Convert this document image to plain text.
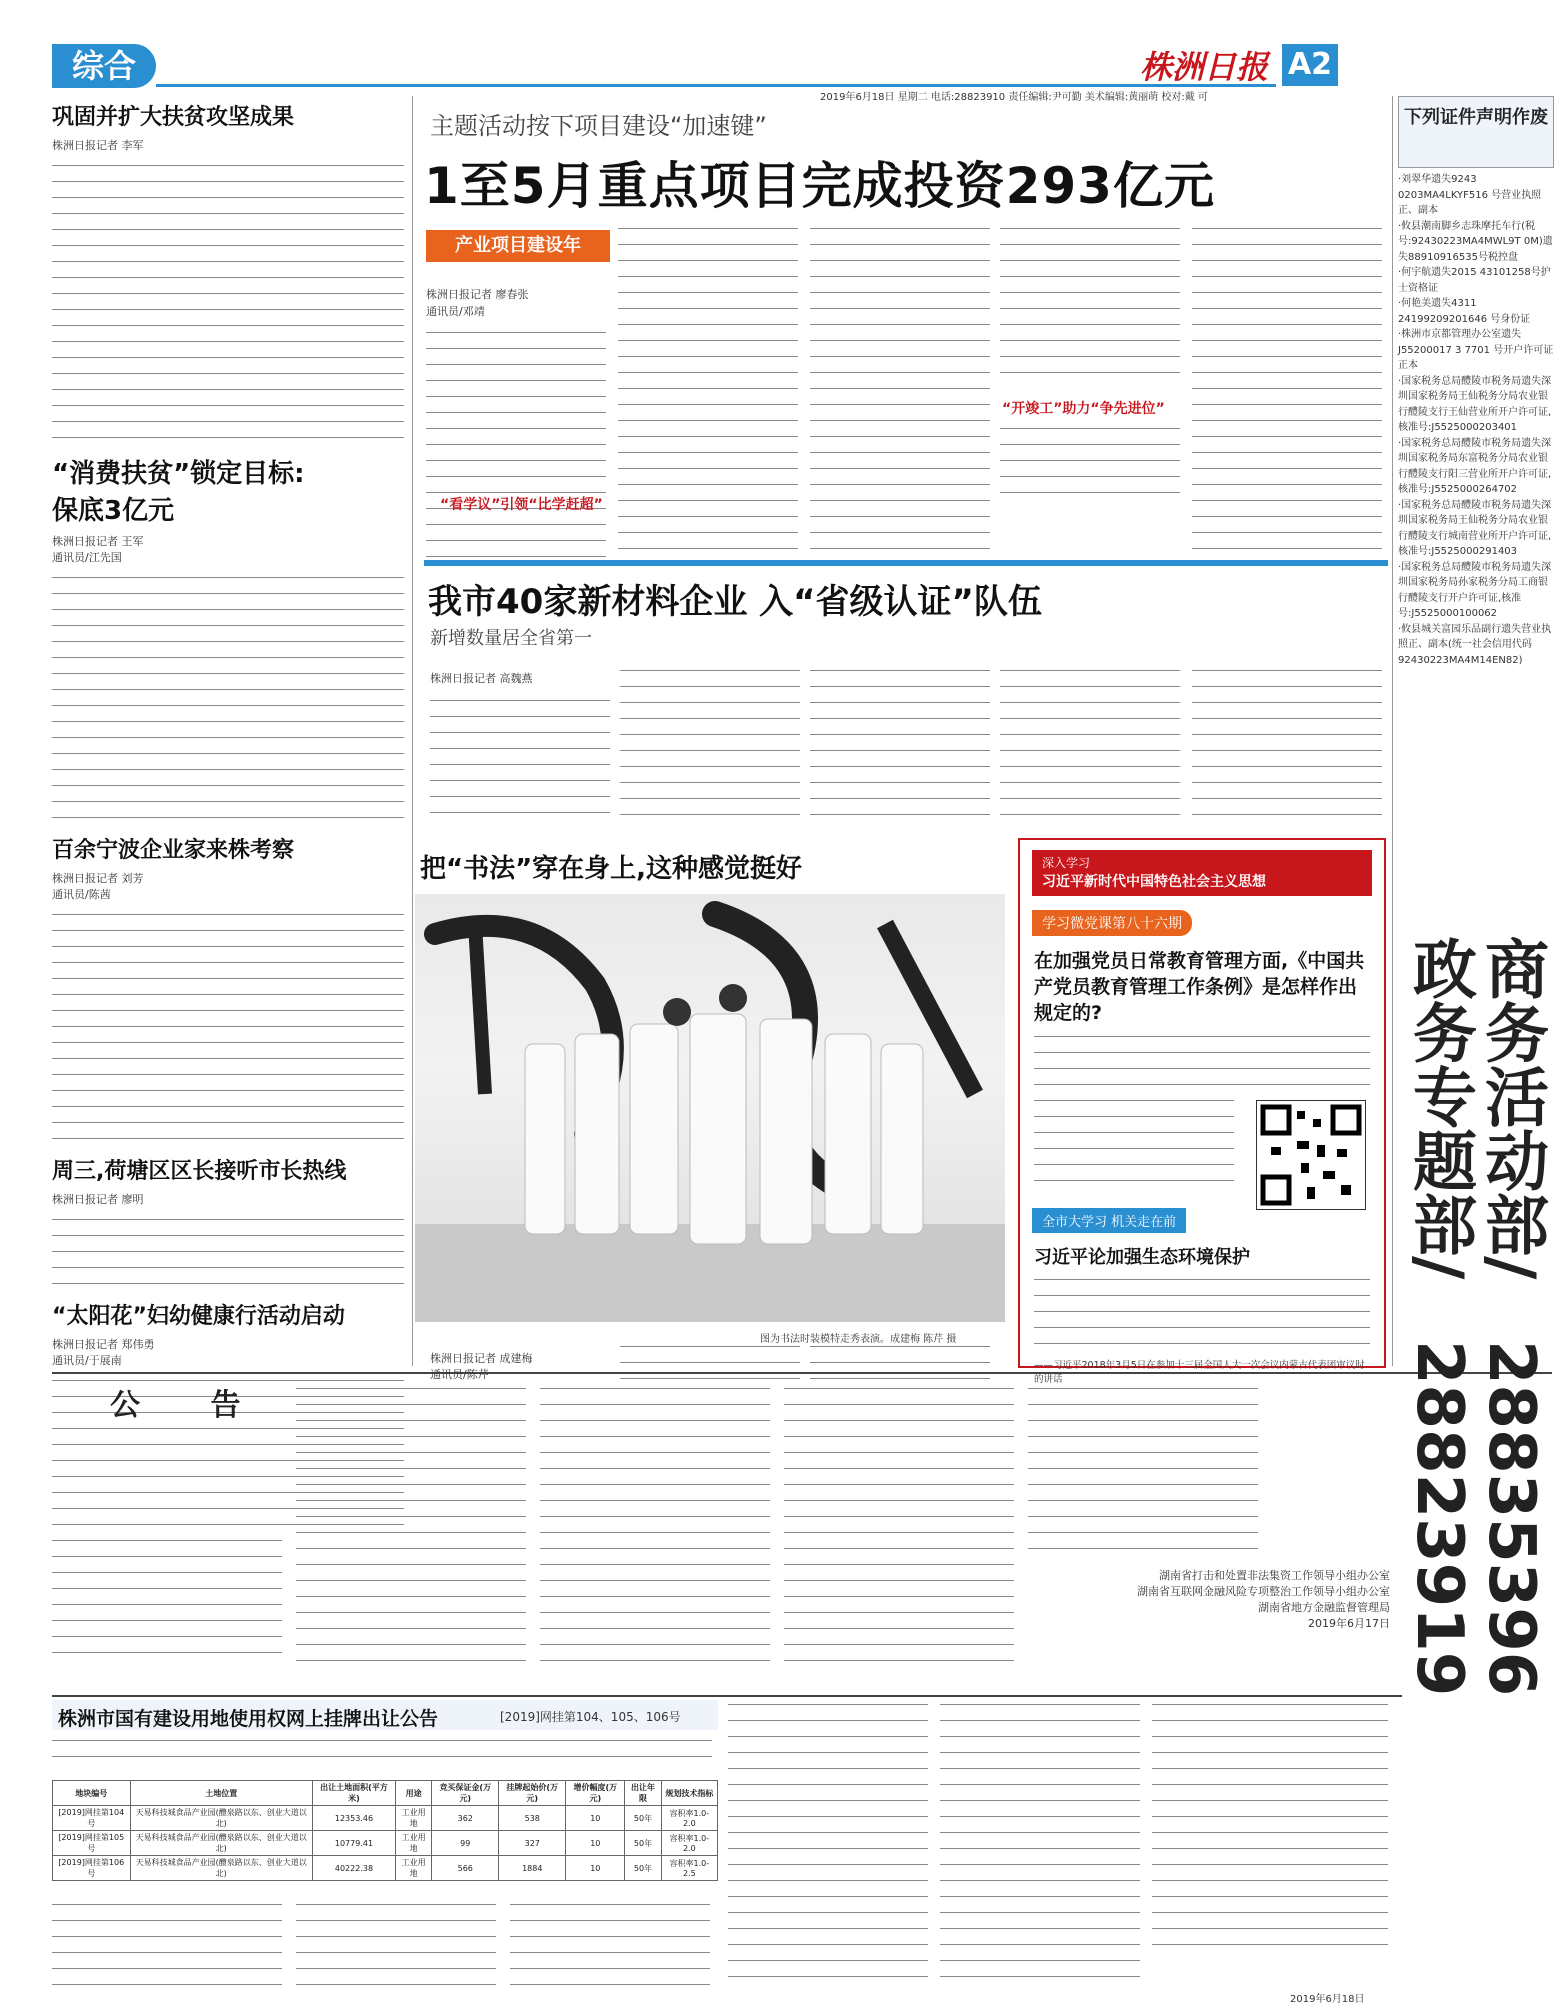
综合	株洲日报 A2
2019年6月18日 星期二 电话:28823910 责任编辑:尹可勤 美术编辑:黄丽萌 校对:戴 可
巩固并扩大扶贫攻坚成果
株洲日报记者 李军
“消费扶贫”锁定目标:
保底3亿元
株洲日报记者 王军
通讯员/江先国
百余宁波企业家来株考察
株洲日报记者 刘芳
通讯员/陈茜
周三,荷塘区区长接听市长热线
株洲日报记者 廖明
“太阳花”妇幼健康行活动启动
株洲日报记者 郑伟勇
通讯员/于展南
主题活动按下项目建设“加速键”
1至5月重点项目完成投资293亿元
产业项目建设年
株洲日报记者 廖春张
通讯员/邓靖
“看学议”引领“比学赶超”
“开竣工”助力“争先进位”
我市40家新材料企业 入“省级认证”队伍
新增数量居全省第一
株洲日报记者 高魏燕
把“书法”穿在身上,这种感觉挺好
图为书法时装模特走秀表演。成建梅 陈芹 摄
株洲日报记者 成建梅
通讯员/陈芹
深入学习
习近平新时代中国特色社会主义思想
学习微党课第八十六期
在加强党员日常教育管理方面,《中国共产党员教育管理工作条例》是怎样作出规定的?
全市大学习 机关走在前
习近平论加强生态环境保护
——习近平2018年3月5日在参加十三届全国人大一次会议内蒙古代表团审议时的讲话
下列证件声明作废
·刘翠华遗失9243 0203MA4LKYF516 号营业执照正、副本
·攸县潮南脚乡志珠摩托车行(税号:92430223MA4MWL9T 0M)遗失88910916535号税控盘
·何宇航遗失2015 43101258号护士资格证
·何艳美遗失4311 24199209201646 号身份证
·株洲市京都管理办公室遗失J55200017 3 7701 号开户许可证正本
·国家税务总局醴陵市税务局遗失深圳国家税务局王仙税务分局农业银行醴陵支行王仙营业所开户许可证,核准号:J5525000203401
·国家税务总局醴陵市税务局遗失深圳国家税务局东富税务分局农业银行醴陵支行阳三营业所开户许可证,核准号:J5525000264702
·国家税务总局醴陵市税务局遗失深圳国家税务局王仙税务分局农业银行醴陵支行城南营业所开户许可证,核准号:J5525000291403
·国家税务总局醴陵市税务局遗失深圳国家税务局孙家税务分局工商银行醴陵支行开户许可证,核准号:J5525000100062
·攸县城关富园乐品副行遗失营业执照正、副本(统一社会信用代码92430223MA4M14EN82)
商务活动部/
政务专题部/
28835396
28823919
公 告
湖南省打击和处置非法集资工作领导小组办公室
湖南省互联网金融风险专项整治工作领导小组办公室
湖南省地方金融监督管理局
2019年6月17日
株洲市国有建设用地使用权网上挂牌出让公告	[2019]网挂第104、105、106号
地块编号	土地位置	出让土地面积(平方米)	用途	竞买保证金(万元)	挂牌起始价(万元)	增价幅度(万元)	出让年限	规划技术指标
[2019]网挂第104号	天易科技城食品产业园(醴泉路以东、创业大道以北)	12353.46	工业用地	362	538	10	50年	容积率1.0-2.0
[2019]网挂第105号	天易科技城食品产业园(醴泉路以东、创业大道以北)	10779.41	工业用地	99	327	10	50年	容积率1.0-2.0
[2019]网挂第106号	天易科技城食品产业园(醴泉路以东、创业大道以北)	40222.38	工业用地	566	1884	10	50年	容积率1.0-2.5
2019年6月18日
